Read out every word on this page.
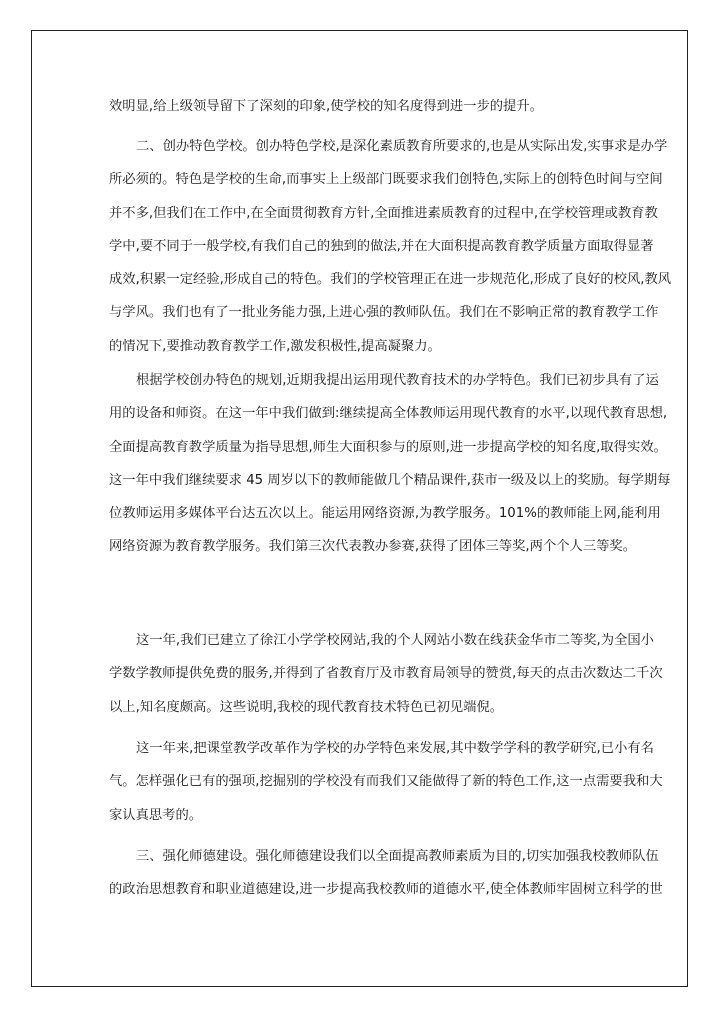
效明显,给上级领导留下了深刻的印象,使学校的知名度得到进一步的提升。
二、创办特色学校。创办特色学校,是深化素质教育所要求的,也是从实际出发,实事求是办学
所必须的。特色是学校的生命,而事实上上级部门既要求我们创特色,实际上的创特色时间与空间
并不多,但我们在工作中,在全面贯彻教育方针,全面推进素质教育的过程中,在学校管理或教育教
学中,要不同于一般学校,有我们自己的独到的做法,并在大面积提高教育教学质量方面取得显著
成效,积累一定经验,形成自己的特色。我们的学校管理正在进一步规范化,形成了良好的校风,教风
与学风。我们也有了一批业务能力强,上进心强的教师队伍。我们在不影响正常的教育教学工作
的情况下,要推动教育教学工作,激发积极性,提高凝聚力。
根据学校创办特色的规划,近期我提出运用现代教育技术的办学特色。我们已初步具有了运
用的设备和师资。在这一年中我们做到:继续提高全体教师运用现代教育的水平,以现代教育思想,
全面提高教育教学质量为指导思想,师生大面积参与的原则,进一步提高学校的知名度,取得实效。
这一年中我们继续要求 45 周岁以下的教师能做几个精品课件,获市一级及以上的奖励。每学期每
位教师运用多媒体平台达五次以上。能运用网络资源,为教学服务。101%的教师能上网,能利用
网络资源为教育教学服务。我们第三次代表教办参赛,获得了团体三等奖,两个个人三等奖。
这一年,我们已建立了徐江小学学校网站,我的个人网站小数在线获金华市二等奖,为全国小
学数学教师提供免费的服务,并得到了省教育厅及市教育局领导的赞赏,每天的点击次数达二千次
以上,知名度颇高。这些说明,我校的现代教育技术特色已初见端倪。
这一年来,把课堂教学改革作为学校的办学特色来发展,其中数学学科的教学研究,已小有名
气。怎样强化已有的强项,挖掘别的学校没有而我们又能做得了新的特色工作,这一点需要我和大
家认真思考的。
三、强化师德建设。强化师德建设我们以全面提高教师素质为目的,切实加强我校教师队伍
的政治思想教育和职业道德建设,进一步提高我校教师的道德水平,使全体教师牢固树立科学的世
